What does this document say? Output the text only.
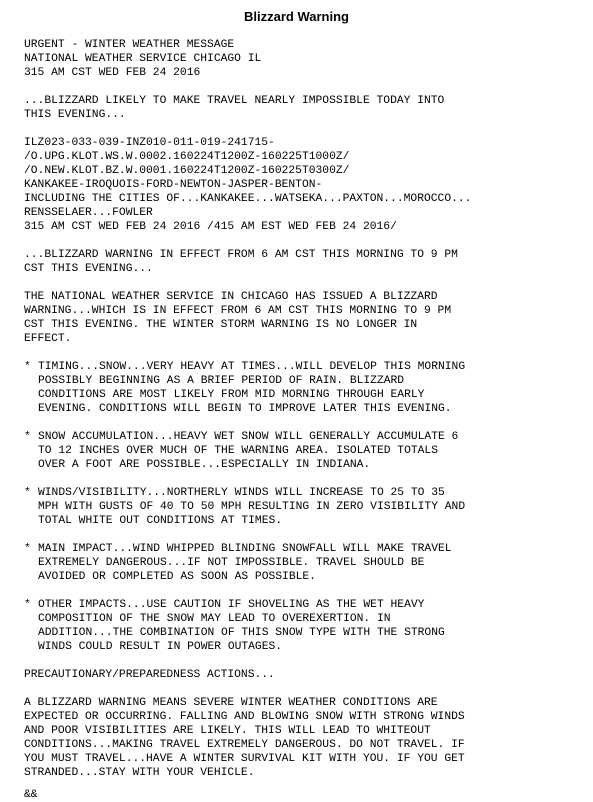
Blizzard Warning
URGENT - WINTER WEATHER MESSAGE
NATIONAL WEATHER SERVICE CHICAGO IL
315 AM CST WED FEB 24 2016
...BLIZZARD LIKELY TO MAKE TRAVEL NEARLY IMPOSSIBLE TODAY INTO
THIS EVENING...
ILZ023-033-039-INZ010-011-019-241715-
/O.UPG.KLOT.WS.W.0002.160224T1200Z-160225T1000Z/
/O.NEW.KLOT.BZ.W.0001.160224T1200Z-160225T0300Z/
KANKAKEE-IROQUOIS-FORD-NEWTON-JASPER-BENTON-
INCLUDING THE CITIES OF...KANKAKEE...WATSEKA...PAXTON...MOROCCO...
RENSSELAER...FOWLER
315 AM CST WED FEB 24 2016 /415 AM EST WED FEB 24 2016/
...BLIZZARD WARNING IN EFFECT FROM 6 AM CST THIS MORNING TO 9 PM
CST THIS EVENING...
THE NATIONAL WEATHER SERVICE IN CHICAGO HAS ISSUED A BLIZZARD
WARNING...WHICH IS IN EFFECT FROM 6 AM CST THIS MORNING TO 9 PM
CST THIS EVENING. THE WINTER STORM WARNING IS NO LONGER IN
EFFECT.
* TIMING...SNOW...VERY HEAVY AT TIMES...WILL DEVELOP THIS MORNING
POSSIBLY BEGINNING AS A BRIEF PERIOD OF RAIN. BLIZZARD
CONDITIONS ARE MOST LIKELY FROM MID MORNING THROUGH EARLY
EVENING. CONDITIONS WILL BEGIN TO IMPROVE LATER THIS EVENING.
* SNOW ACCUMULATION...HEAVY WET SNOW WILL GENERALLY ACCUMULATE 6
TO 12 INCHES OVER MUCH OF THE WARNING AREA. ISOLATED TOTALS
OVER A FOOT ARE POSSIBLE...ESPECIALLY IN INDIANA.
* WINDS/VISIBILITY...NORTHERLY WINDS WILL INCREASE TO 25 TO 35
MPH WITH GUSTS OF 40 TO 50 MPH RESULTING IN ZERO VISIBILITY AND
TOTAL WHITE OUT CONDITIONS AT TIMES.
* MAIN IMPACT...WIND WHIPPED BLINDING SNOWFALL WILL MAKE TRAVEL
EXTREMELY DANGEROUS...IF NOT IMPOSSIBLE. TRAVEL SHOULD BE
AVOIDED OR COMPLETED AS SOON AS POSSIBLE.
* OTHER IMPACTS...USE CAUTION IF SHOVELING AS THE WET HEAVY
COMPOSITION OF THE SNOW MAY LEAD TO OVEREXERTION. IN
ADDITION...THE COMBINATION OF THIS SNOW TYPE WITH THE STRONG
WINDS COULD RESULT IN POWER OUTAGES.
PRECAUTIONARY/PREPAREDNESS ACTIONS...
A BLIZZARD WARNING MEANS SEVERE WINTER WEATHER CONDITIONS ARE
EXPECTED OR OCCURRING. FALLING AND BLOWING SNOW WITH STRONG WINDS
AND POOR VISIBILITIES ARE LIKELY. THIS WILL LEAD TO WHITEOUT
CONDITIONS...MAKING TRAVEL EXTREMELY DANGEROUS. DO NOT TRAVEL. IF
YOU MUST TRAVEL...HAVE A WINTER SURVIVAL KIT WITH YOU. IF YOU GET
STRANDED...STAY WITH YOUR VEHICLE.
&&
